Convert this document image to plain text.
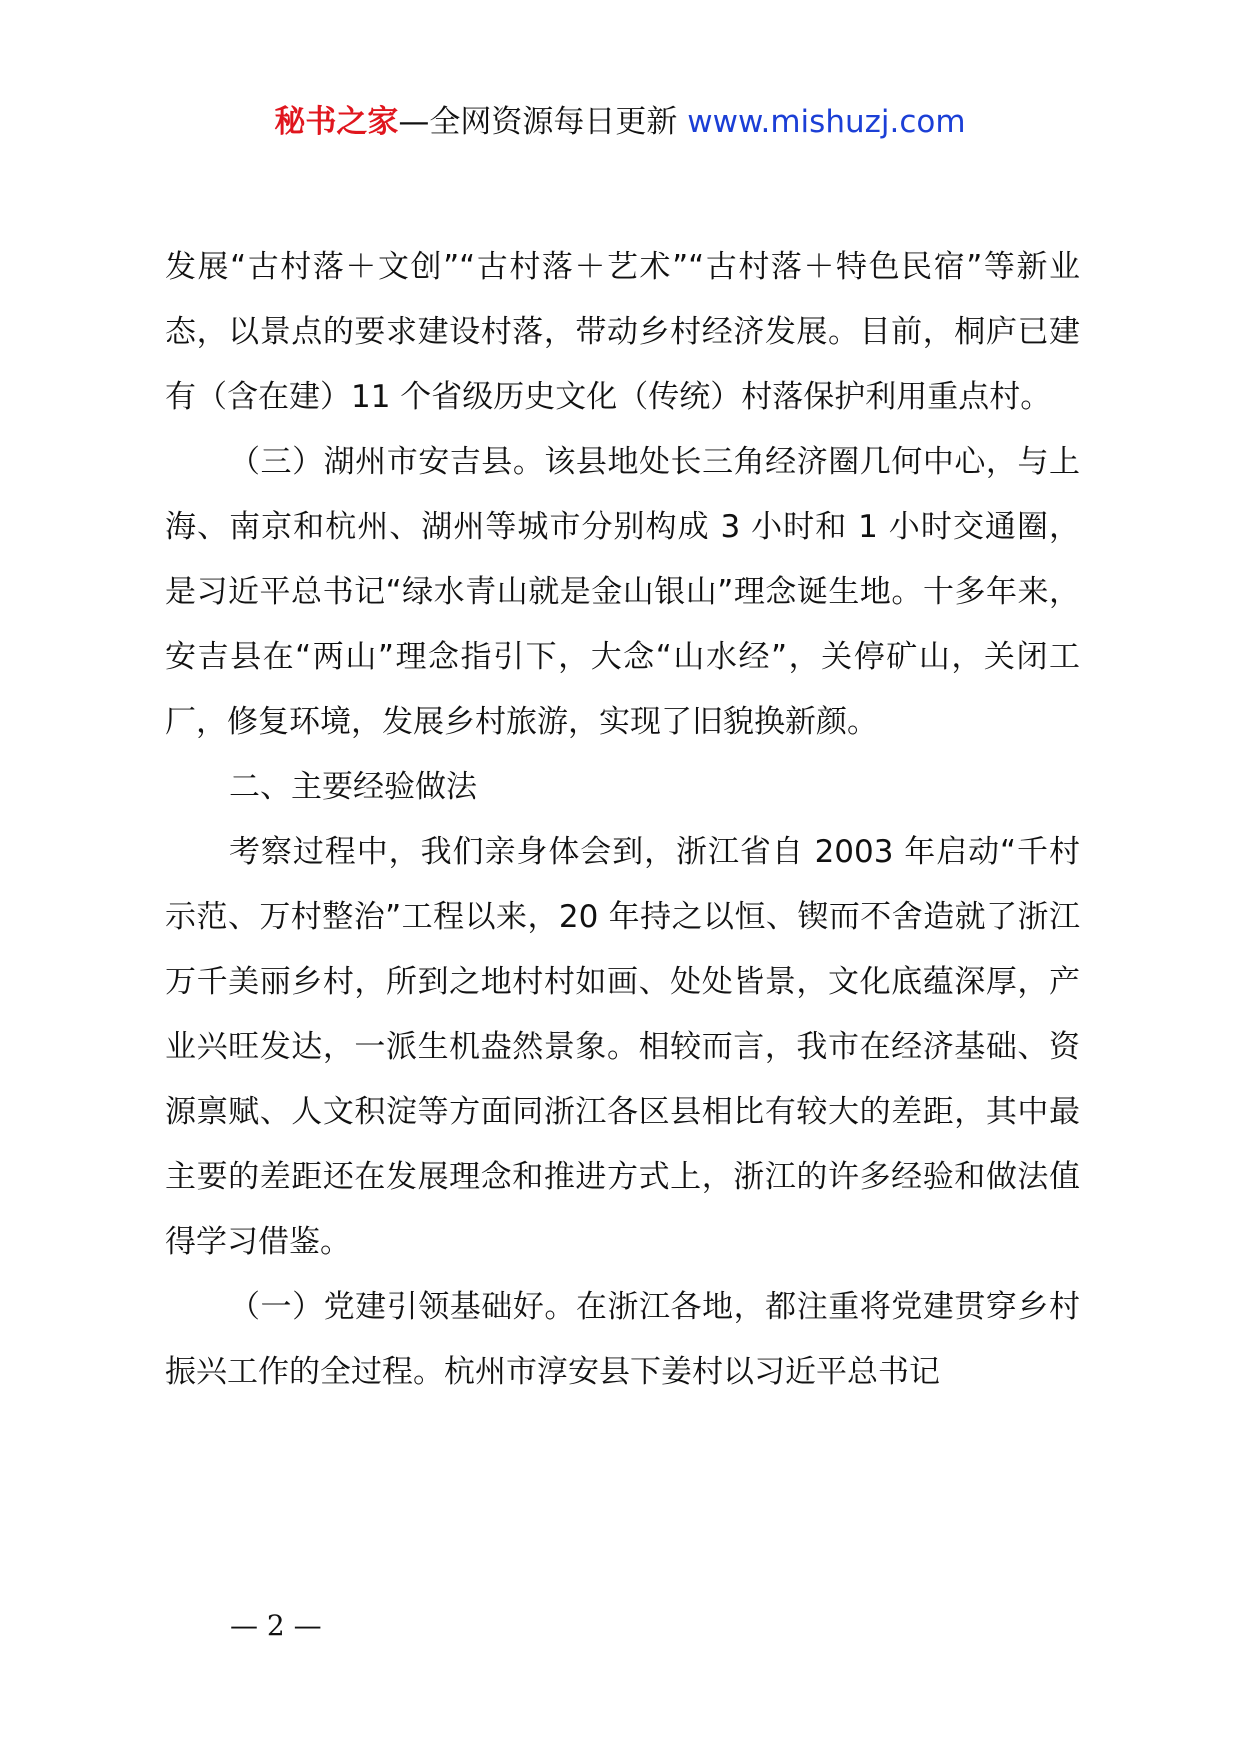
秘书之家—全网资源每日更新 www.mishuzj.com

发展“古村落＋文创”“古村落＋艺术”“古村落＋特色民宿”等新业态，以景点的要求建设村落，带动乡村经济发展。目前，桐庐已建有（含在建）11 个省级历史文化（传统）村落保护利用重点村。

（三）湖州市安吉县。该县地处长三角经济圈几何中心，与上海、南京和杭州、湖州等城市分别构成 3 小时和 1 小时交通圈，是习近平总书记“绿水青山就是金山银山”理念诞生地。十多年来，安吉县在“两山”理念指引下，大念“山水经”，关停矿山，关闭工厂，修复环境，发展乡村旅游，实现了旧貌换新颜。

二、主要经验做法

考察过程中，我们亲身体会到，浙江省自 2003 年启动“千村示范、万村整治”工程以来，20 年持之以恒、锲而不舍造就了浙江万千美丽乡村，所到之地村村如画、处处皆景，文化底蕴深厚，产业兴旺发达，一派生机盎然景象。相较而言，我市在经济基础、资源禀赋、人文积淀等方面同浙江各区县相比有较大的差距，其中最主要的差距还在发展理念和推进方式上，浙江的许多经验和做法值得学习借鉴。

（一）党建引领基础好。在浙江各地，都注重将党建贯穿乡村振兴工作的全过程。杭州市淳安县下姜村以习近平总书记

— 2 —
